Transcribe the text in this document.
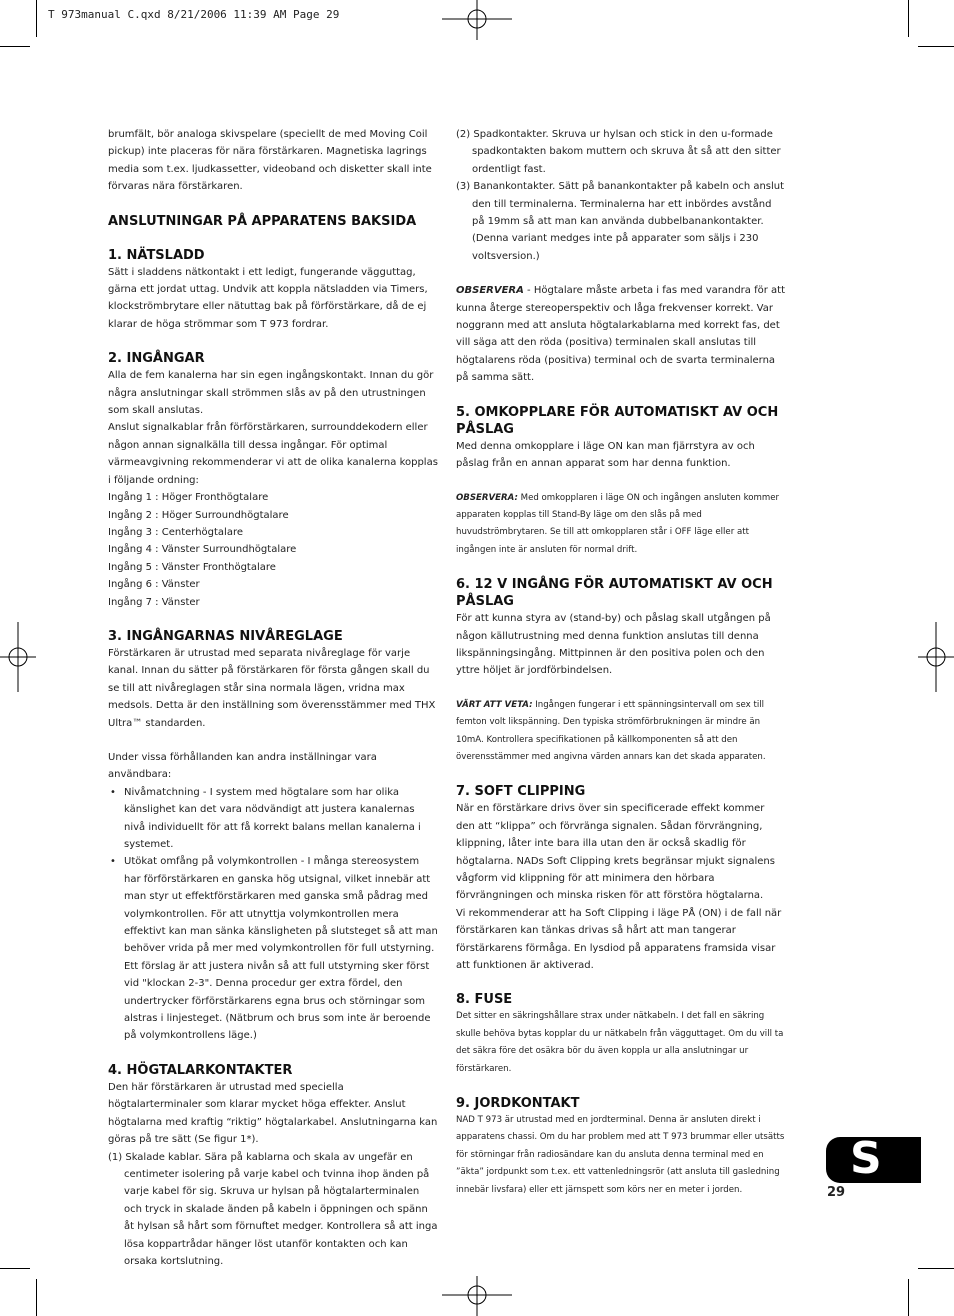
T 973manual C.qxd 8/21/2006 11:39 AM Page 29

brumfält, bör analoga skivspelare (speciellt de med Moving Coil pickup) inte placeras för nära förstärkaren. Magnetiska lagrings media som t.ex. ljudkassetter, videoband och disketter skall inte förvaras nära förstärkaren.

ANSLUTNINGAR PÅ APPARATENS BAKSIDA
1. NÄTSLADD

Sätt i sladdens nätkontakt i ett ledigt, fungerande vägguttag, gärna ett jordat uttag. Undvik att koppla nätsladden via Timers, klockströmbrytare eller nätuttag bak på förförstärkare, då de ej klarar de höga strömmar som T 973 fordrar.

2. INGÅNGAR

Alla de fem kanalerna har sin egen ingångskontakt. Innan du gör några anslutningar skall strömmen slås av på den utrustningen som skall anslutas.

Anslut signalkablar från förförstärkaren, surrounddekodern eller någon annan signalkälla till dessa ingångar. För optimal värmeavgivning rekommenderar vi att de olika kanalerna kopplas i följande ordning:

Ingång 1 : Höger Fronthögtalare

Ingång 2 : Höger Surroundhögtalare

Ingång 3 : Centerhögtalare

Ingång 4 : Vänster Surroundhögtalare

Ingång 5 : Vänster Fronthögtalare

Ingång 6 : Vänster

Ingång 7 : Vänster

3. INGÅNGARNAS NIVÅREGLAGE

Förstärkaren är utrustad med separata nivåreglage för varje kanal. Innan du sätter på förstärkaren för första gången skall du se till att nivåreglagen står sina normala lägen, vridna max medsols. Detta är den inställning som överensstämmer med THX Ultra™ standarden.

Under vissa förhållanden kan andra inställningar vara användbara:

• Nivåmatchning - I system med högtalare som har olika känslighet kan det vara nödvändigt att justera kanalernas nivå individuellt för att få korrekt balans mellan kanalerna i systemet.
• Utökat omfång på volymkontrollen - I många stereosystem har förförstärkaren en ganska hög utsignal, vilket innebär att man styr ut effektförstärkaren med ganska små pådrag med volymkontrollen. För att utnyttja volymkontrollen mera effektivt kan man sänka känsligheten på slutsteget så att man behöver vrida på mer med volymkontrollen för full utstyrning. Ett förslag är att justera nivån så att full utstyrning sker först vid "klockan 2-3". Denna procedur ger extra fördel, den undertrycker förförstärkarens egna brus och störningar som alstras i linjesteget. (Nätbrum och brus som inte är beroende på volymkontrollens läge.)
4. HÖGTALARKONTAKTER

Den här förstärkaren är utrustad med speciella högtalarterminaler som klarar mycket höga effekter. Anslut högtalarna med kraftig “riktig” högtalarkabel. Anslutningarna kan göras på tre sätt (Se figur 1*).

(1) Skalade kablar. Sära på kablarna och skala av ungefär en centimeter isolering på varje kabel och tvinna ihop änden på varje kabel för sig. Skruva ur hylsan på högtalarterminalen och tryck in skalade änden på kabeln i öppningen och spänn åt hylsan så hårt som förnuftet medger. Kontrollera så att inga lösa koppartrådar hänger löst utanför kontakten och kan orsaka kortslutning.

(2) Spadkontakter. Skruva ur hylsan och stick in den u-formade spadkontakten bakom muttern och skruva åt så att den sitter ordentligt fast.

(3) Banankontakter. Sätt på banankontakter på kabeln och anslut den till terminalerna. Terminalerna har ett inbördes avstånd på 19mm så att man kan använda dubbelbanankontakter. (Denna variant medges inte på apparater som säljs i 230 voltsversion.)

OBSERVERA - Högtalare måste arbeta i fas med varandra för att kunna återge stereoperspektiv och låga frekvenser korrekt. Var noggrann med att ansluta högtalarkablarna med korrekt fas, det vill säga att den röda (positiva) terminalen skall anslutas till högtalarens röda (positiva) terminal och de svarta terminalerna på samma sätt.

5. OMKOPPLARE FÖR AUTOMATISKT AV OCH PÅSLAG

Med denna omkopplare i läge ON kan man fjärrstyra av och påslag från en annan apparat som har denna funktion.

OBSERVERA: Med omkopplaren i läge ON och ingången ansluten kommer apparaten kopplas till Stand-By läge om den slås på med huvudströmbrytaren. Se till att omkopplaren står i OFF läge eller att ingången inte är ansluten för normal drift.

6. 12 V INGÅNG FÖR AUTOMATISKT AV OCH PÅSLAG

För att kunna styra av (stand-by) och påslag skall utgången på någon källutrustning med denna funktion anslutas till denna likspänningsingång. Mittpinnen är den positiva polen och den yttre höljet är jordförbindelsen.

VÄRT ATT VETA: Ingången fungerar i ett spänningsintervall om sex till femton volt likspänning. Den typiska strömförbrukningen är mindre än 10mA. Kontrollera specifikationen på källkomponenten så att den överensstämmer med angivna värden annars kan det skada apparaten.

7. SOFT CLIPPING

När en förstärkare drivs över sin specificerade effekt kommer den att “klippa” och förvränga signalen. Sådan förvrängning, klippning, låter inte bara illa utan den är också skadlig för högtalarna. NADs Soft Clipping krets begränsar mjukt signalens vågform vid klippning för att minimera den hörbara förvrängningen och minska risken för att förstöra högtalarna.

Vi rekommenderar att ha Soft Clipping i läge PÅ (ON) i de fall när förstärkaren kan tänkas drivas så hårt att man tangerar förstärkarens förmåga. En lysdiod på apparatens framsida visar att funktionen är aktiverad.

8. FUSE

Det sitter en säkringshållare strax under nätkabeln. I det fall en säkring skulle behöva bytas kopplar du ur nätkabeln från vägguttaget. Om du vill ta det säkra före det osäkra bör du även koppla ur alla anslutningar ur förstärkaren.

9. JORDKONTAKT

NAD T 973 är utrustad med en jordterminal. Denna är ansluten direkt i apparatens chassi. Om du har problem med att T 973 brummar eller utsätts för störningar från radiosändare kan du ansluta denna terminal med en ”äkta” jordpunkt som t.ex. ett vattenledningsrör (att ansluta till gasledning innebär livsfara) eller ett järnspett som körs ner en meter i jorden.

S
29
